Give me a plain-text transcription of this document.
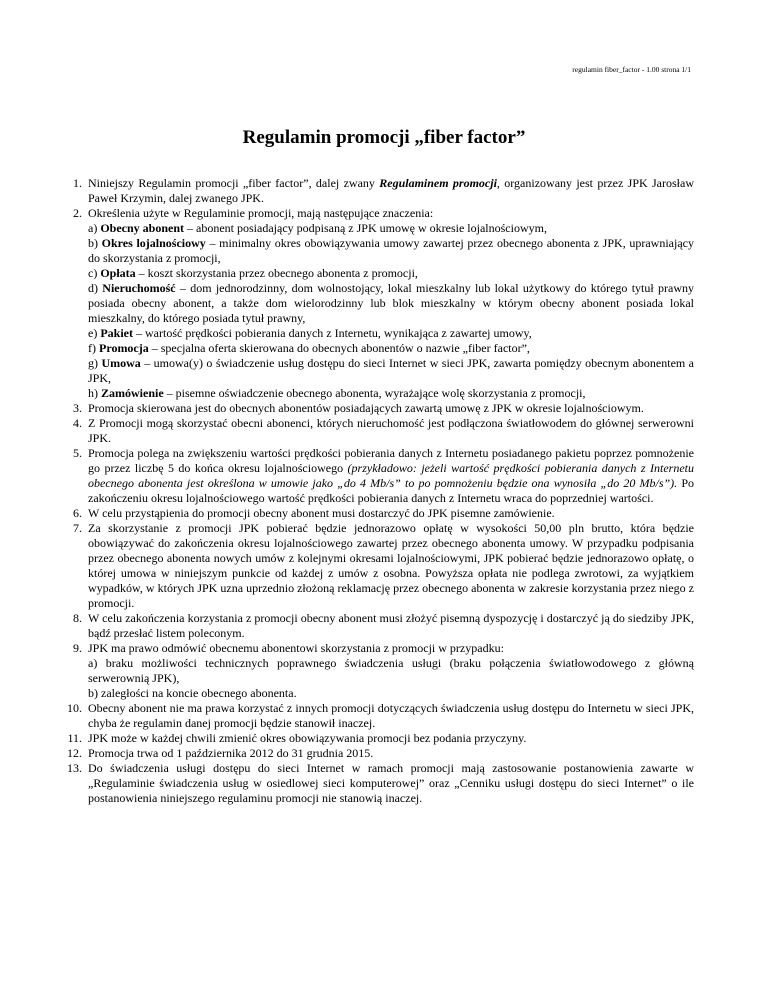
regulamin fiber_factor - 1.00 strona 1/1
Regulamin promocji „fiber factor”
1. Niniejszy Regulamin promocji „fiber factor”, dalej zwany Regulaminem promocji, organizowany jest przez JPK Jarosław Paweł Krzymin, dalej zwanego JPK.
2. Określenia użyte w Regulaminie promocji, mają następujące znaczenia:
a) Obecny abonent – abonent posiadający podpisaną z JPK umowę w okresie lojalnościowym,
b) Okres lojalnościowy – minimalny okres obowiązywania umowy zawartej przez obecnego abonenta z JPK, uprawniający do skorzystania z promocji,
c) Opłata – koszt skorzystania przez obecnego abonenta z promocji,
d) Nieruchomość – dom jednorodzinny, dom wolnostojący, lokal mieszkalny lub lokal użytkowy do którego tytuł prawny posiada obecny abonent, a także dom wielorodzinny lub blok mieszkalny w którym obecny abonent posiada lokal mieszkalny, do którego posiada tytuł prawny,
e) Pakiet – wartość prędkości pobierania danych z Internetu, wynikająca z zawartej umowy,
f) Promocja – specjalna oferta skierowana do obecnych abonentów o nazwie „fiber factor”,
g) Umowa – umowa(y) o świadczenie usług dostępu do sieci Internet w sieci JPK, zawarta pomiędzy obecnym abonentem a JPK,
h) Zamówienie – pisemne oświadczenie obecnego abonenta, wyrażające wolę skorzystania z promocji,
3. Promocja skierowana jest do obecnych abonentów posiadających zawartą umowę z JPK w okresie lojalnościowym.
4. Z Promocji mogą skorzystać obecni abonenci, których nieruchomość jest podłączona światłowodem do głównej serwerowni JPK.
5. Promocja polega na zwiększeniu wartości prędkości pobierania danych z Internetu posiadanego pakietu poprzez pomnożenie go przez liczbę 5 do końca okresu lojalnościowego (przykładowo: jeżeli wartość prędkości pobierania danych z Internetu obecnego abonenta jest określona w umowie jako „do 4 Mb/s” to po pomnożeniu będzie ona wynosiła „do 20 Mb/s”). Po zakończeniu okresu lojalnościowego wartość prędkości pobierania danych z Internetu wraca do poprzedniej wartości.
6. W celu przystąpienia do promocji obecny abonent musi dostarczyć do JPK pisemne zamówienie.
7. Za skorzystanie z promocji JPK pobierać będzie jednorazowo opłatę w wysokości 50,00 pln brutto, która będzie obowiązywać do zakończenia okresu lojalnościowego zawartej przez obecnego abonenta umowy. W przypadku podpisania przez obecnego abonenta nowych umów z kolejnymi okresami lojalnościowymi, JPK pobierać będzie jednorazowo opłatę, o której umowa w niniejszym punkcie od każdej z umów z osobna. Powyższa opłata nie podlega zwrotowi, za wyjątkiem wypadków, w których JPK uzna uprzednio złożoną reklamację przez obecnego abonenta w zakresie korzystania przez niego z promocji.
8. W celu zakończenia korzystania z promocji obecny abonent musi złożyć pisemną dyspozycję i dostarczyć ją do siedziby JPK, bądź przesłać listem poleconym.
9. JPK ma prawo odmówić obecnemu abonentowi skorzystania z promocji w przypadku:
a) braku możliwości technicznych poprawnego świadczenia usługi (braku połączenia światłowodowego z główną serwerownią JPK),
b) zaległości na koncie obecnego abonenta.
10. Obecny abonent nie ma prawa korzystać z innych promocji dotyczących świadczenia usług dostępu do Internetu w sieci JPK, chyba że regulamin danej promocji będzie stanowił inaczej.
11. JPK może w każdej chwili zmienić okres obowiązywania promocji bez podania przyczyny.
12. Promocja trwa od 1 października 2012 do 31 grudnia 2015.
13. Do świadczenia usługi dostępu do sieci Internet w ramach promocji mają zastosowanie postanowienia zawarte w „Regulaminie świadczenia usług w osiedlowej sieci komputerowej” oraz „Cenniku usługi dostępu do sieci Internet” o ile postanowienia niniejszego regulaminu promocji nie stanowią inaczej.
